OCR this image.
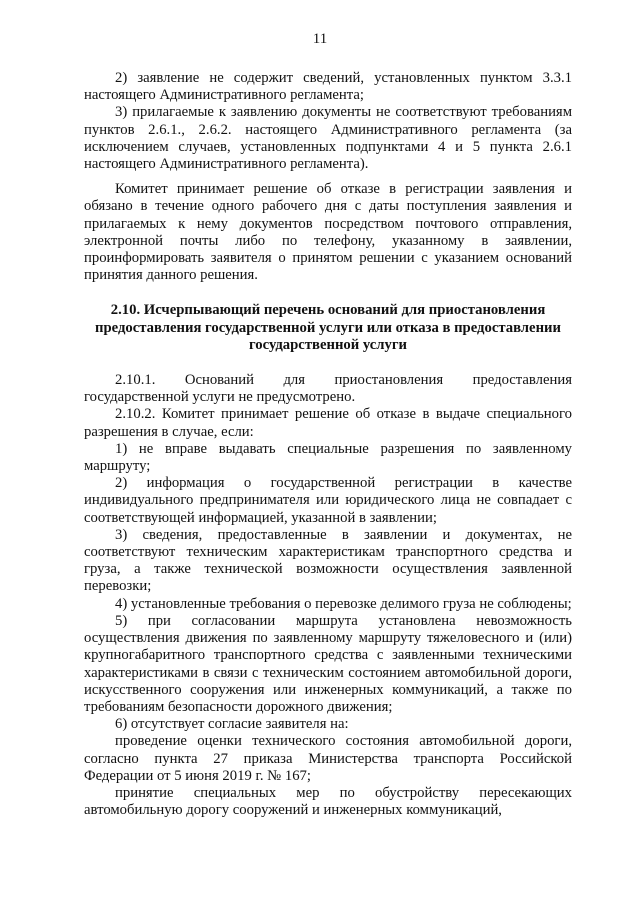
11

2) заявление не содержит сведений, установленных пунктом 3.3.1 настоящего Административного регламента;

3) прилагаемые к заявлению документы не соответствуют требованиям пунктов 2.6.1., 2.6.2. настоящего Административного регламента (за исключением случаев, установленных подпунктами 4 и 5 пункта 2.6.1 настоящего Административного регламента).

Комитет принимает решение об отказе в регистрации заявления и обязано в течение одного рабочего дня с даты поступления заявления и прилагаемых к нему документов посредством почтового отправления, электронной почты либо по телефону, указанному в заявлении, проинформировать заявителя о принятом решении с указанием оснований принятия данного решения.

2.10. Исчерпывающий перечень оснований для приостановления предоставления государственной услуги или отказа в предоставлении государственной услуги

2.10.1. Оснований для приостановления предоставления государственной услуги не предусмотрено.

2.10.2. Комитет принимает решение об отказе в выдаче специального разрешения в случае, если:

1) не вправе выдавать специальные разрешения по заявленному маршруту;

2) информация о государственной регистрации в качестве индивидуального предпринимателя или юридического лица не совпадает с соответствующей информацией, указанной в заявлении;

3) сведения, предоставленные в заявлении и документах, не соответствуют техническим характеристикам транспортного средства и груза, а также технической возможности осуществления заявленной перевозки;

4) установленные требования о перевозке делимого груза не соблюдены;

5) при согласовании маршрута установлена невозможность осуществления движения по заявленному маршруту тяжеловесного и (или) крупногабаритного транспортного средства с заявленными техническими характеристиками в связи с техническим состоянием автомобильной дороги, искусственного сооружения или инженерных коммуникаций, а также по требованиям безопасности дорожного движения;

6) отсутствует согласие заявителя на:

проведение оценки технического состояния автомобильной дороги, согласно пункта 27 приказа Министерства транспорта Российской Федерации от 5 июня 2019 г. № 167;

принятие специальных мер по обустройству пересекающих автомобильную дорогу сооружений и инженерных коммуникаций,
